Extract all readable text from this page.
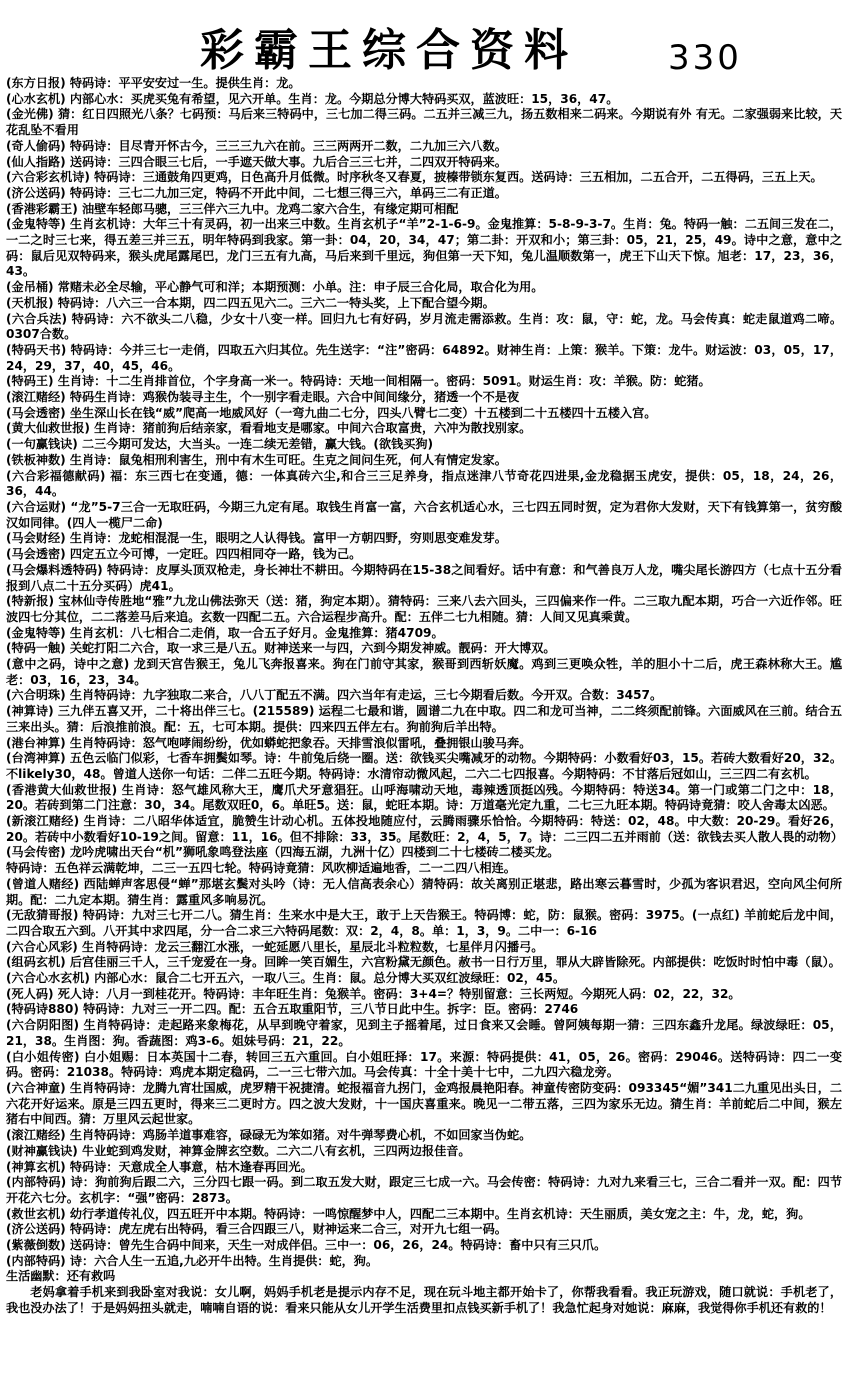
彩霸王综合资料	330

(东方日报) 特码诗：平平安安过一生。提供生肖：龙。

(心水玄机) 内部心水：买虎买兔有希望，见六开单。生肖：龙。今期总分博大特码买双，蓝波旺：15，36，47。

(金光佛) 猜：红日四照光八条？七码预：马后来三特码中，三七加二得三码。二五并三减三九，扬五数相来二码来。今期说有外 有无。二家强弱来比较，天花乱坠不看用

(奇人偷码) 特码诗：目尽青开怀古今，三三三九六在前。三三两两开二数，二九加三六八数。

(仙人指路) 送码诗：三四合眼三七后，一手遮天做大事。九后合三三七并，二四双开特码来。

(六合彩玄机诗) 特码诗：三通鼓角四更鸡，日色高升月低微。时序秋冬又春夏，披榛带锁东复西。送码诗：三五相加，二五合开，二五得码，三五上天。

(济公送码) 特码诗：三七二九加三定，特码不开此中间，二七想三得三六，单码三二有正道。

(香港彩霸王) 油壁车轻郎马骢，三三伴六三九中。龙鸡二家六合生，有缘定期可相配

(金鬼特等) 生肖玄机诗：大年三十有灵码，初一出来三中数。生肖玄机子“羊”2-1-6-9。金鬼推算：5-8-9-3-7。生肖：兔。特码一触：二五间三发在二，一二之时三七来，得五差三并三五，明年特码到我家。第一卦：04，20，34，47；第二卦：开双和小；第三卦：05，21，25，49。诗中之意，意中之码：鼠后见双特码来，猴头虎尾露尾巴，龙门三五有九高，马后来到千里远，狗但第一天下知，兔儿温顺数第一，虎王下山天下惊。旭老：17，23，36，43。

(金吊桶) 常赌未必全尽输，平心静气可和洋；本期预测：小单。注：申子辰三合化局，取合化为用。

(天机报) 特码诗：八六三一合本期，四二四五见六二。三六二一特头奖，上下配合望今期。

(六合兵法) 特码诗：六不欲头二八稳，少女十八变一样。回归九七有好码，岁月流走需添救。生肖：攻：鼠，守：蛇，龙。马会传真：蛇走鼠道鸡二啼。0307合数。

(特码天书) 特码诗：今并三七一走俏，四取五六归其位。先生送字：“注”密码：64892。财神生肖：上策：猴羊。下策：龙牛。财运波：03，05，17，24，29，37，40，45，46。

(特码王) 生肖诗：十二生肖排首位，个字身高一米一。特码诗：天地一间相隔一。密码：5091。财运生肖：攻：羊猴。防：蛇猪。

(滚江赌经) 特码生肖诗：鸡猴伪装寻主生，个一别字看走眼。六合中间间缘分，猪透一个不是夜

(马会透密) 坐生深山长在钱“威”爬高一地威风好（一弯九曲二七分，四头八臂七二变）十五楼到二十五楼四十五楼入宫。

(黄大仙救世报) 生肖诗：猪前狗后结亲家，看看地支是哪家。中间六合取富贵，六冲为散找别家。

(一句赢钱诀) 二三今期可发达，大当头。一连二续无差错，赢大钱。(欲钱买狗)

(铁板神数) 生肖诗：鼠兔相刑利害生，刑中有木生可旺。生克之间问生死，何人有情定发家。

(六合彩福德献码) 福：东三西七在变通，德：一体真砖六尘,和合三三足养身，指点迷津八节奇花四进果,金龙稳据玉虎安，提供：05，18，24，26，36，44。

(六合运财) “龙”5-7三合一无取旺码，今期三九定有尾。取钱生肖富一富，六合玄机适心水，三七四五同时贺，定为君你大发财，天下有钱算第一，贫穷酸汉如同律。(四人一榄尸二命)

(马会财经) 生肖诗：龙蛇相混混一生，眼明之人认得钱。富甲一方朝四野，穷则思变难发芽。

(马会透密) 四定五立今可博，一定旺。四四相同夺一路，钱为己。

(马会爆料透特码) 特码诗：皮厚头顶双枪走，身长神壮不耕田。今期特码在15-38之间看好。话中有意：和气善良万人龙，嘴尖尾长游四方（七点十五分看报到八点二十五分买码）虎41。

(特新报) 宝林仙寺传胜地“雅”九龙山佛法弥天（送：猪，狗定本期）。猜特码：三来八去六回头，三四偏来作一件。二三取九配本期，巧合一六近作邻。旺波四七分其位，二二落差马后来追。玄数一四配二五。六合运程步高升。配：五伴二七九相随。猜：人间又见真乘黄。

(金鬼特等) 生肖玄机：八七相合二走俏，取一合五子好月。金鬼推算：猪4709。

(特码一触) 关蛇打阳二六合，取一求三是八五。财神送来一与四，六到今期发神威。靓码：开大博双。

(意中之码，诗中之意) 龙到天宫告猴王，兔儿飞奔报喜来。狗在门前守其家，猴哥到西斩妖魔。鸡到三更唤众牲，羊的胆小十二后，虎王森林称大王。尴老：03，16，23，34。

(六合明珠) 生肖特码诗：九字独取二来合，八八丁配五不满。四六当年有走运，三七今期看后数。今开双。合数：3457。

(神算诗) 三九伴五喜又开，二十将出伴三七。(215589) 运程二七最和谐，圆谱二九在中取。四二和龙可当神，二二终须配前锋。六面威风在三前。结合五三来出头。猜：后浪推前浪。配：五，七可本期。提供：四来四五伴左右。狗前狗后羊出特。

(港台神算) 生肖特码诗：怒气咆哮闹纷纷，优如蟒蛇把象吞。天排雪浪似雷吼，叠拥银山骏马奔。

(台湾神算) 五色云临门似彩，七香车拥鬓如琴。诗：牛前兔后绕一圈。送：欲钱买尖嘴减牙的动物。今期特码：小数看好03，15。若砖大数看好20，32。不likely30，48。曾道人送你一句话：二伴二五旺今期。特码诗：水清帘动微风起，二六二七四报喜。今期特码：不甘落后冠如山，三三四二有玄机。

(香港黄大仙救世报) 生肖诗：怒气雄风称大王，鹰爪犬牙意猖狂。山呼海啸动天地，毒辣透顶挺凶残。今期特码：特送34。第一门或第二门之中：18，20。若砖到第二门注意：30，34。尾数双旺0，6。单旺5。送：鼠，蛇旺本期。诗：万道毫光定九重，二七三九旺本期。特码诗竟猜：咬人舍毒太凶恶。

(新滚江赌经) 生肖诗：二八昭华体适宜，脆赞生计动心机。五体投地随应付，云腾雨骤乐恰恰。今期特码：特送：02，48。中大数：20-29。看好26，20。若砖中小数看好10-19之间。留意：11，16。但不排除：33，35。尾数旺：2，4，5，7。诗：二三四二五并雨前（送：欲钱去买人散人畏的动物）

(马会传密) 龙吟虎啸出天台“机”狮吼象鸣登法座（四海五湖，九洲十亿）四楼到二十七楼砖二楼买龙。

特码诗：五色祥云满乾坤，二三一五四七轮。特码诗竟猜：风吹柳适遍地香，二一二四八相连。

(曾道人赌经) 西陆蝉声客思侵“蝉”那堪玄鬓对头吟（诗：无人信高表余心）猜特码：故关离别正堪悲，路出寒云暮雪时，少孤为客识君迟，空向风尘何所期。配：二九定本期。猜生肖：露重风多响易沉。

(无敌猜哥报) 特码诗：九对三七开二八。猜生肖：生来水中是大王，敢于上天告猴王。特码博：蛇，防：鼠猴。密码：3975。(一点红) 羊前蛇后龙中间，二四合取五六到。八开其中求四尾，分一合二求三六特码尾数：双：2，4，8。单：1，3，9。二中一：6-16

(六合心风彩) 生肖特码诗：龙云三翻江水涨，一蛇延愿八里长，星辰北斗粒粒数，七星伴月闪播弓。

(组码玄机) 后宫佳丽三千人，三千宠爱在一身。回眸一笑百媚生，六宫粉黛无颜色。赦书一日行万里，罪从大辟皆除死。内部提供：吃饭时时怕中毒（鼠）。

(六合心水玄机) 内部心水：鼠合二七开五六，一取八三。生肖：鼠。总分博大买双红波绿旺：02，45。

(死人码) 死人诗：八月一到桂花开。特码诗：丰年旺生肖：兔猴羊。密码：3+4=？特别留意：三长两短。今期死人码：02，22，32。

(特码诗880) 特码诗：九对三一开二四。配：五合五取重阳节，三八节日此中生。拆字：臣。密码：2746

(六合阴阳图) 生肖特码诗：走起路来象梅花，从早到晚守着家，见到主子摇着尾，过日食来又会睡。曾阿姨每期一猜：三四东鑫升龙尾。绿波绿旺：05，21，38。生肖图：狗。香蔬图：鸡3-6。姐妹号码：21，22。

(白小姐传密) 白小姐赐：日本英国十二春，转回三五六重回。白小姐旺择：17。来源：特码提供：41，05，26。密码：29046。送特码诗：四二一变码。密码：21038。特码诗：鸡虎本期定稳码，二一三七带六加。马会传真：十全十美十七中，二九四六稳龙旁。

(六合神童) 生肖特码诗：龙腾九宵壮国威，虎罗精干祝捷清。蛇报福音九拐门，金鸡报晨艳阳春。神童传密防变码：093345“媚”341二九重见出头日，二六花开好运来。原是三四五更时，得来三二更时方。四之波大发财，十一国庆喜重来。晚见一二带五落，三四为家乐无边。猜生肖：羊前蛇后二中间，猴左猪右中间西。猜：万里风云起世家。

(滚江赌经) 生肖特码诗：鸡肠羊道事难容，碌碌无为笨如猪。对牛弹琴费心机，不如回家当伪蛇。

(财神赢钱诀) 牛业蛇到鸡发财，神算金牌玄空数。二六二八有玄机，三四两边报佳音。

(神算玄机) 特码诗：天意成全人事意，枯木逢春再回光。

(内部特码) 诗：狗前狗后跟二六，三分四七跟一码。到二取五发大财，跟定三七成一六。马会传密：特码诗：九对九来看三七，三合二看并一双。配：四节开花六七分。玄机字：“强”密码：2873。

(救世玄机) 幼行孝道传礼仪，四五旺开中本期。特码诗：一鸣惊醒梦中人，四配二三本期中。生肖玄机诗：天生丽质，美女宠之主：牛，龙，蛇，狗。

(济公送码) 特码诗：虎左虎右出特码，看三合四跟三八，财神运来二合三，对开九七组一码。

(紫薇倒数) 送码诗：曾先生合码中间来，天生一对成伴侣。三中一：06，26，24。特码诗：畜中只有三只爪。

(内部特码) 诗：六合人生一五追,九必开牛出特。生肖提供：蛇，狗。

生活幽默：还有救吗

老妈拿着手机来到我卧室对我说：女儿啊，妈妈手机老是提示内存不足，现在玩斗地主都开始卡了，你帮我看看。我正玩游戏，随口就说：手机老了，我也没办法了！于是妈妈扭头就走，喃喃自语的说：看来只能从女儿开学生活费里扣点钱买新手机了！我急忙起身对她说：麻麻，我觉得你手机还有救的！
